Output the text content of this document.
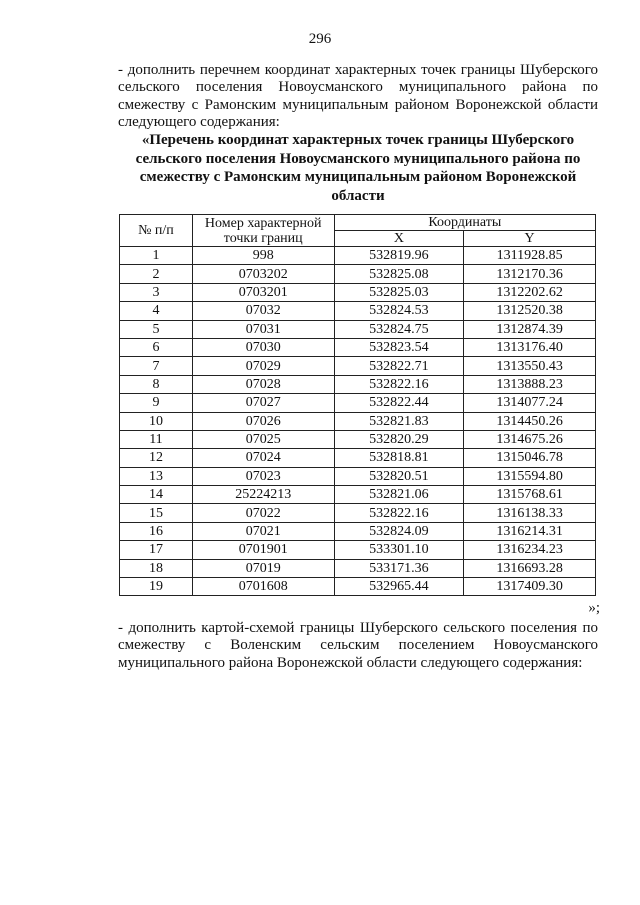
296
- дополнить перечнем координат характерных точек границы Шуберского сельского поселения Новоусманского муниципального района по смежеству с Рамонским муниципальным районом Воронежской области следующего содержания:
«Перечень координат характерных точек границы Шуберского сельского поселения Новоусманского муниципального района по смежеству с Рамонским муниципальным районом Воронежской области
№ п/п	Номер характерной точки границ	Координаты	
		X	Y
1	998	532819.96	1311928.85
2	0703202	532825.08	1312170.36
3	0703201	532825.03	1312202.62
4	07032	532824.53	1312520.38
5	07031	532824.75	1312874.39
6	07030	532823.54	1313176.40
7	07029	532822.71	1313550.43
8	07028	532822.16	1313888.23
9	07027	532822.44	1314077.24
10	07026	532821.83	1314450.26
11	07025	532820.29	1314675.26
12	07024	532818.81	1315046.78
13	07023	532820.51	1315594.80
14	25224213	532821.06	1315768.61
15	07022	532822.16	1316138.33
16	07021	532824.09	1316214.31
17	0701901	533301.10	1316234.23
18	07019	533171.36	1316693.28
19	0701608	532965.44	1317409.30
»;
- дополнить картой-схемой границы Шуберского сельского поселения по смежеству с Воленским сельским поселением Новоусманского муниципального района Воронежской области следующего содержания:
